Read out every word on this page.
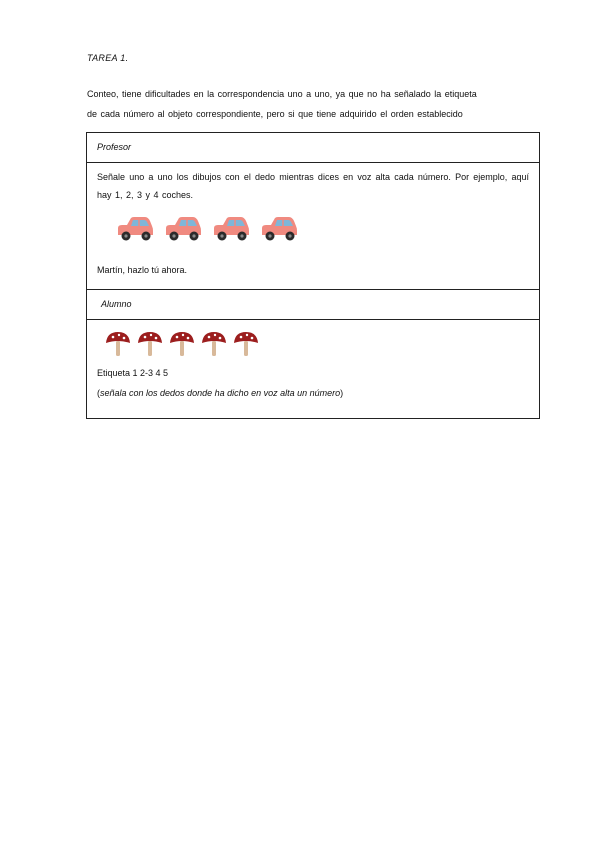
TAREA 1.
Conteo, tiene dificultades en la correspondencia uno a uno, ya que no ha señalado la etiqueta
de cada número al objeto correspondiente, pero si que tiene adquirido el orden establecido
Profesor

Señale uno a uno los dibujos con el dedo mientras dices en voz alta cada número. Por ejemplo, aquí hay 1, 2, 3 y 4 coches.
Martín, hazlo tú ahora.

Alumno

Etiqueta 1 2-3 4 5
(señala con los dedos donde ha dicho en voz alta un número)
